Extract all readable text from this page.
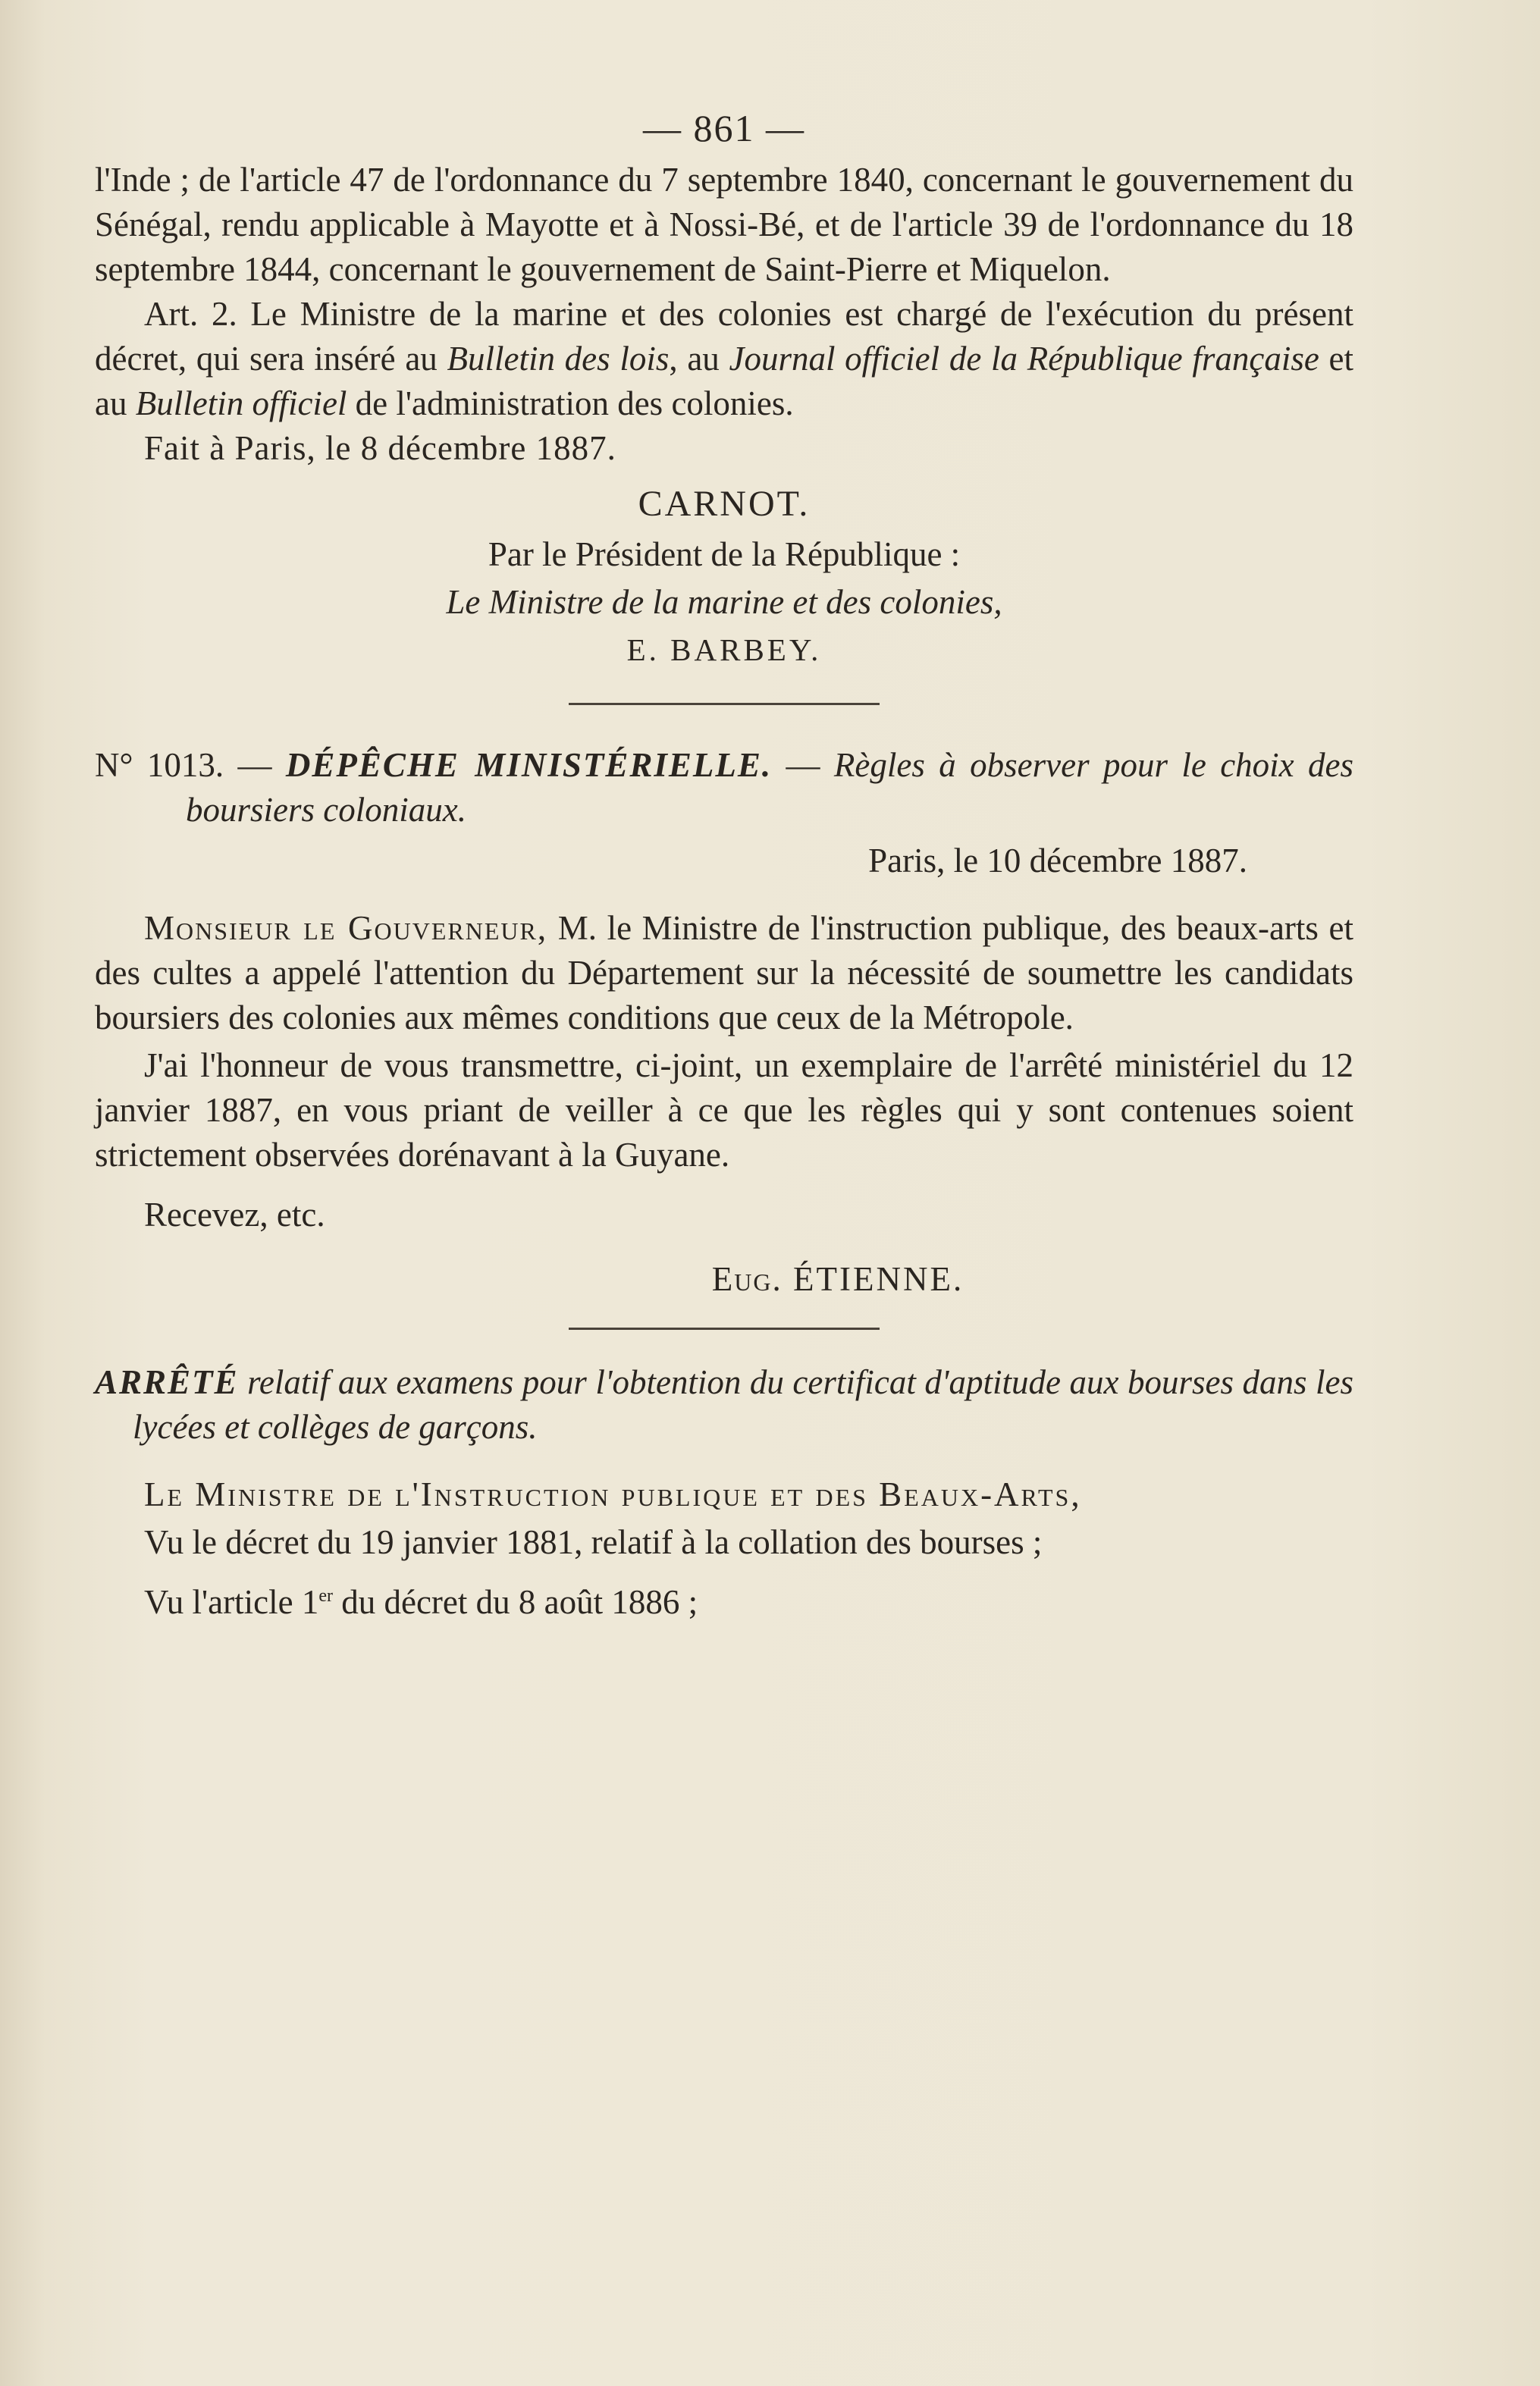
— 861 —

l'Inde ; de l'article 47 de l'ordonnance du 7 septembre 1840, concernant le gouvernement du Sénégal, rendu applicable à Mayotte et à Nossi-Bé, et de l'article 39 de l'ordonnance du 18 septembre 1844, concernant le gouvernement de Saint-Pierre et Miquelon.

Art. 2. Le Ministre de la marine et des colonies est chargé de l'exécution du présent décret, qui sera inséré au Bulletin des lois, au Journal officiel de la République française et au Bulletin officiel de l'administration des colonies.

Fait à Paris, le 8 décembre 1887.

CARNOT.

Par le Président de la République :

Le Ministre de la marine et des colonies,

E. BARBEY.

N° 1013. — DÉPÊCHE MINISTÉRIELLE. — Règles à observer pour le choix des boursiers coloniaux.

Paris, le 10 décembre 1887.

Monsieur le Gouverneur, M. le Ministre de l'instruction publique, des beaux-arts et des cultes a appelé l'attention du Département sur la nécessité de soumettre les candidats boursiers des colonies aux mêmes conditions que ceux de la Métropole.

J'ai l'honneur de vous transmettre, ci-joint, un exemplaire de l'arrêté ministériel du 12 janvier 1887, en vous priant de veiller à ce que les règles qui y sont contenues soient strictement observées dorénavant à la Guyane.

Recevez, etc.

Eug. ÉTIENNE.

ARRÊTÉ relatif aux examens pour l'obtention du certificat d'aptitude aux bourses dans les lycées et collèges de garçons.

Le Ministre de l'Instruction publique et des Beaux-Arts,

Vu le décret du 19 janvier 1881, relatif à la collation des bourses ;

Vu l'article 1er du décret du 8 août 1886 ;
